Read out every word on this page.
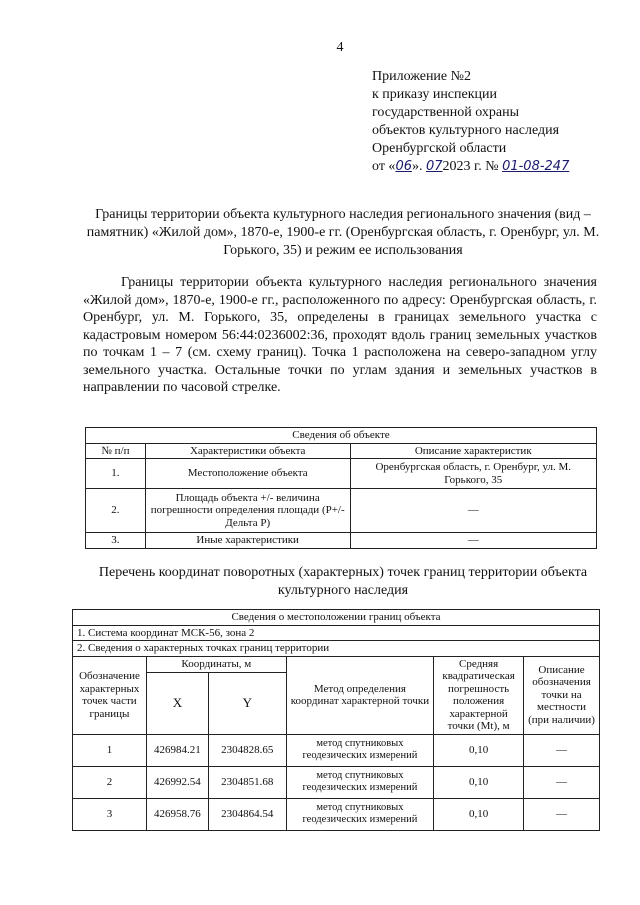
4
Приложение №2
к приказу инспекции
государственной охраны
объектов культурного наследия
Оренбургской области
от «06». 072023 г. № 01-08-247
Границы территории объекта культурного наследия регионального значения (вид – памятник) «Жилой дом», 1870-е, 1900-е гг. (Оренбургская область, г. Оренбург, ул. М. Горького, 35) и режим ее использования

Границы территории объекта культурного наследия регионального значения «Жилой дом», 1870-е, 1900-е гг., расположенного по адресу: Оренбургская область, г. Оренбург, ул. М. Горького, 35, определены в границах земельного участка с кадастровым номером 56:44:0236002:36, проходят вдоль границ земельных участков по точкам 1 – 7 (см. схему границ). Точка 1 расположена на северо-западном углу земельного участка. Остальные точки по углам здания и земельных участков в направлении по часовой стрелке.

Сведения об объекте		
№ п/п	Характеристики объекта	Описание характеристик
1.	Местоположение объекта	Оренбургская область, г. Оренбург, ул. М. Горького, 35
2.	Площадь объекта +/- величина погрешности определения площади (Р+/- Дельта Р)	—
3.	Иные характеристики	—
Перечень координат поворотных (характерных) точек границ территории объекта культурного наследия
Сведения о местоположении границ объекта					
1. Система координат МСК-56, зона 2					
2. Сведения о характерных точках границ территории					
Обозначение характерных точек части границы	Координаты, м		Метод определения координат характерной точки	Средняя квадратическая погрешность положения характерной точки (Mt), м	Описание обозначения точки на местности (при наличии)
	X	Y			
1	426984.21	2304828.65	метод спутниковых геодезических измерений	0,10	—
2	426992.54	2304851.68	метод спутниковых геодезических измерений	0,10	—
3	426958.76	2304864.54	метод спутниковых геодезических измерений	0,10	—
